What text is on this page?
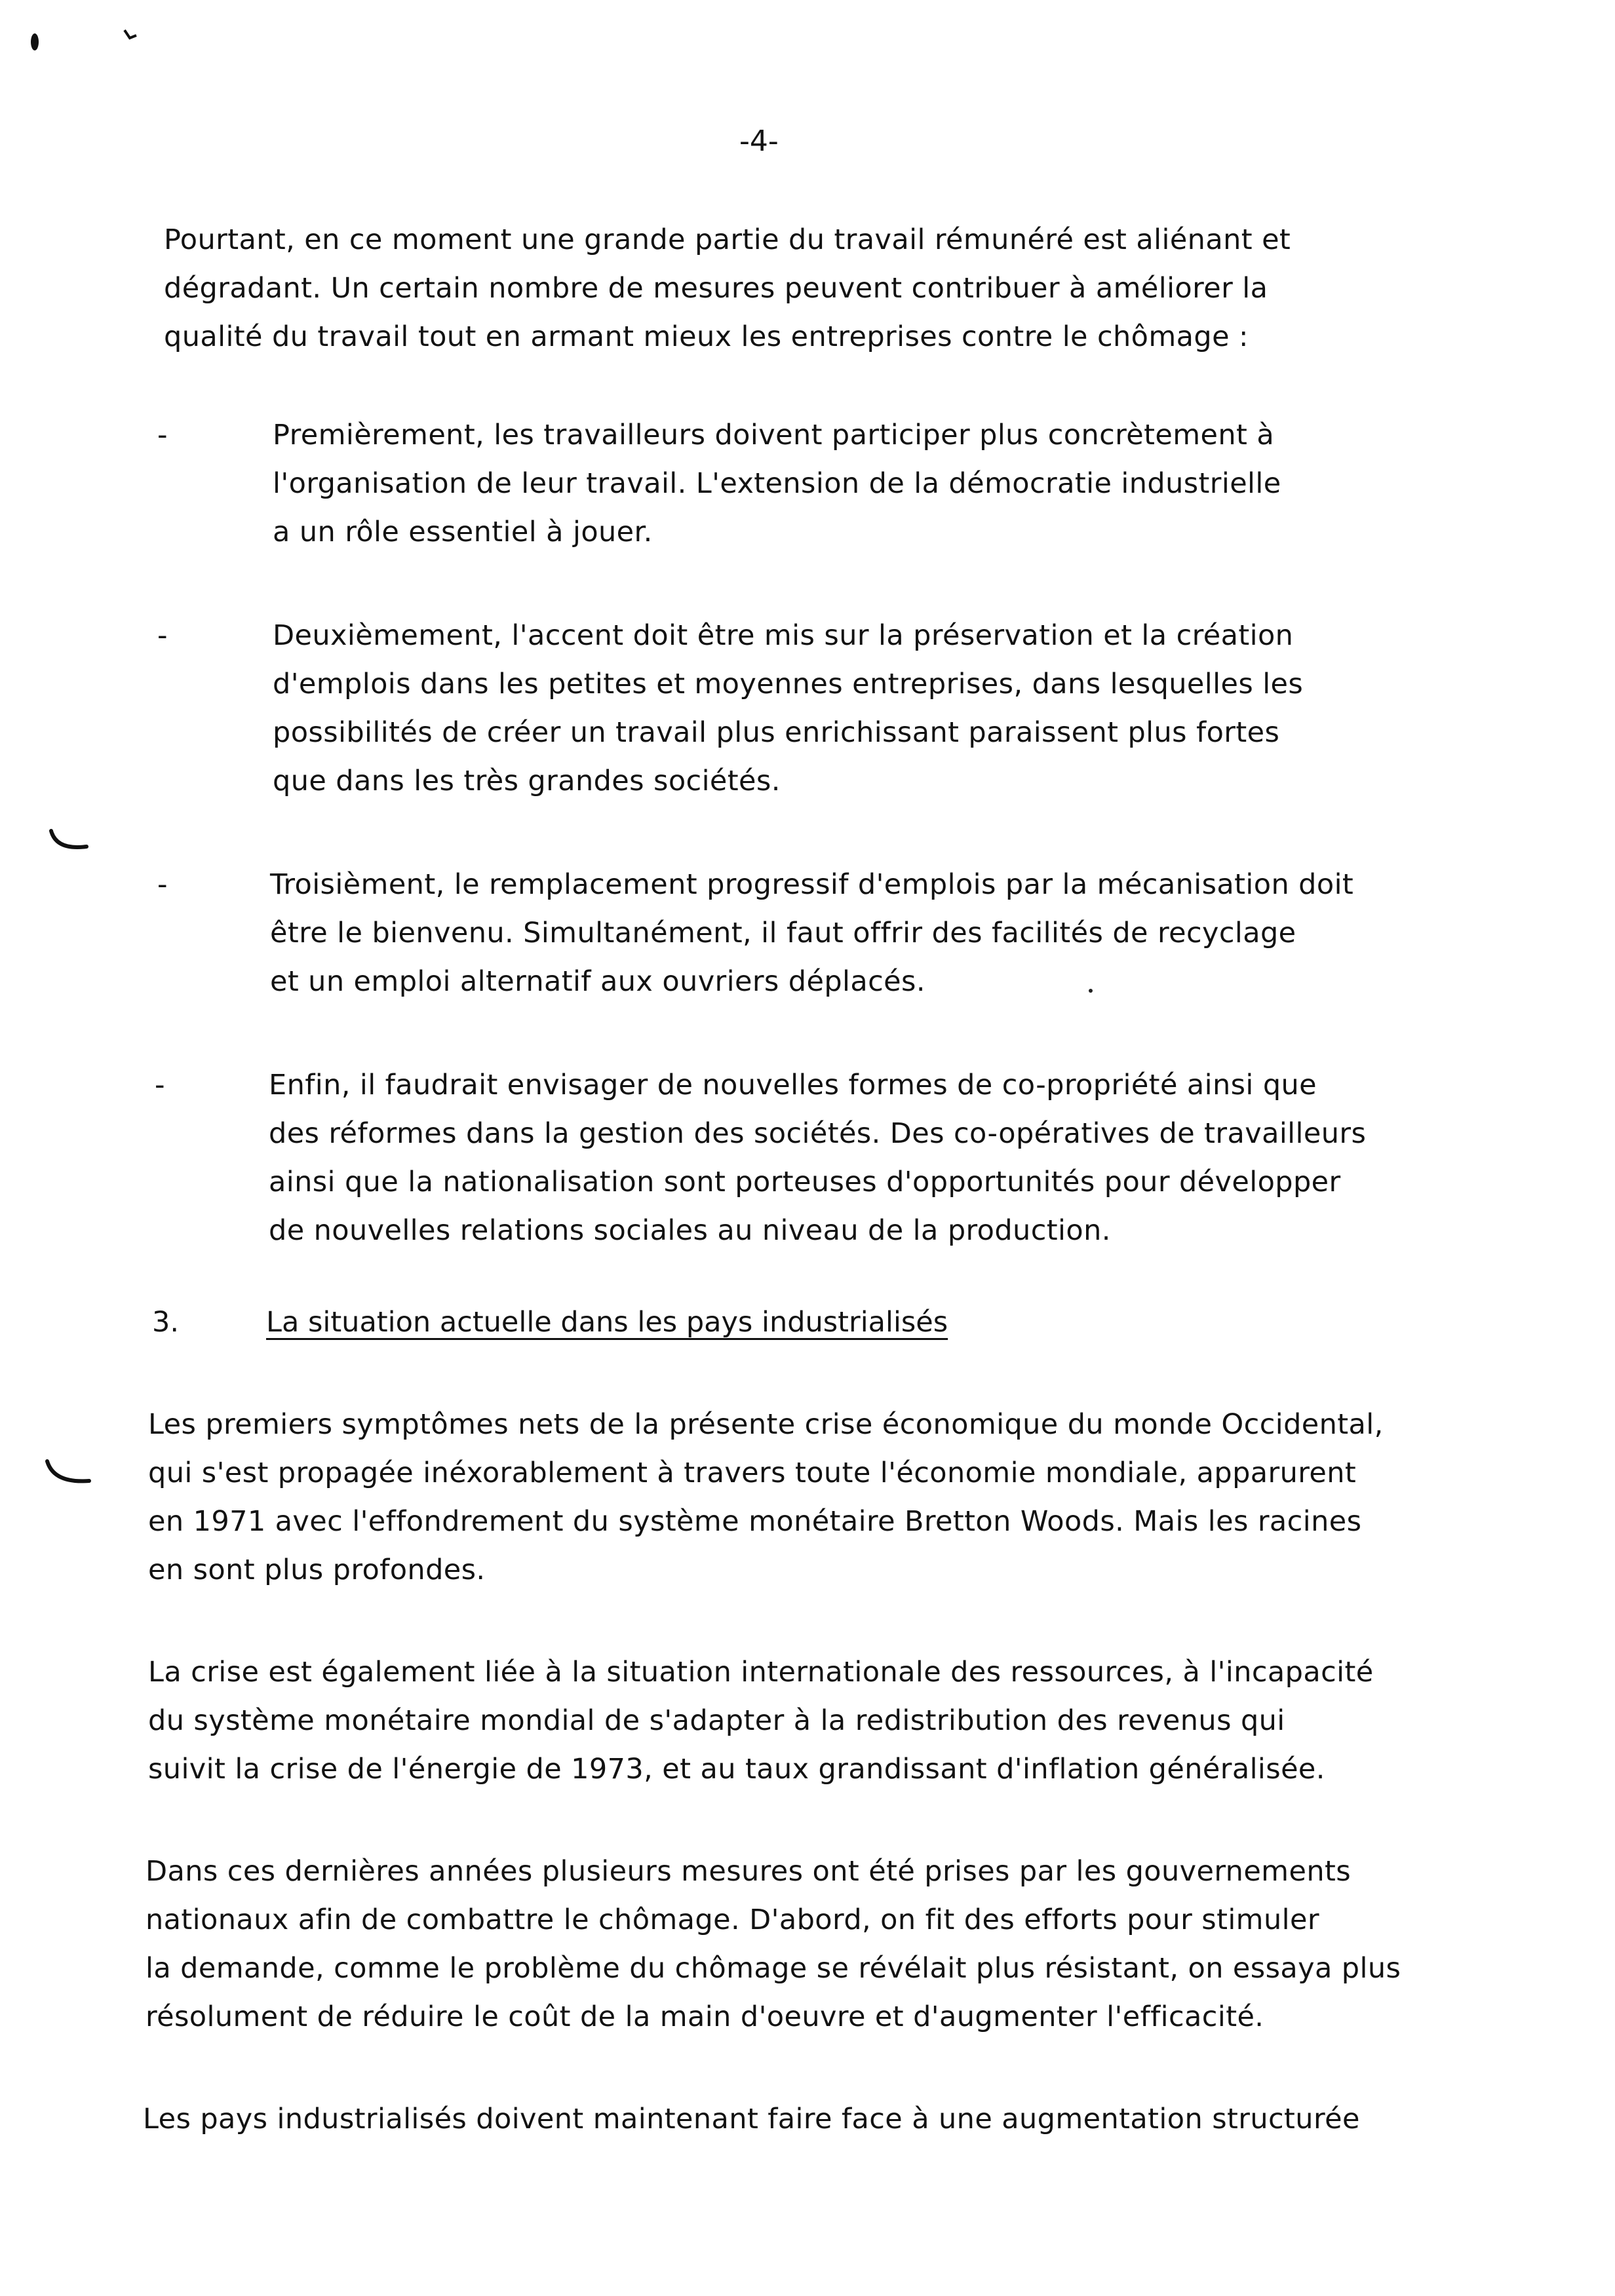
-4-
Pourtant, en ce moment une grande partie du travail rémunéré est aliénant et
dégradant. Un certain nombre de mesures peuvent contribuer à améliorer la
qualité du travail tout en armant mieux les entreprises contre le chômage :
-	Premièrement, les travailleurs doivent participer plus concrètement à
l'organisation de leur travail. L'extension de la démocratie industrielle
a un rôle essentiel à jouer.
-	Deuxièmement, l'accent doit être mis sur la préservation et la création
d'emplois dans les petites et moyennes entreprises, dans lesquelles les
possibilités de créer un travail plus enrichissant paraissent plus fortes
que dans les très grandes sociétés.
-	Troisièment, le remplacement progressif d'emplois par la mécanisation doit
être le bienvenu. Simultanément, il faut offrir des facilités de recyclage
et un emploi alternatif aux ouvriers déplacés.
-	Enfin, il faudrait envisager de nouvelles formes de co-propriété ainsi que
des réformes dans la gestion des sociétés. Des co-opératives de travailleurs
ainsi que la nationalisation sont porteuses d'opportunités pour développer
de nouvelles relations sociales au niveau de la production.
3.	La situation actuelle dans les pays industrialisés
Les premiers symptômes nets de la présente crise économique du monde Occidental,
qui s'est propagée inéxorablement à travers toute l'économie mondiale, apparurent
en 1971 avec l'effondrement du système monétaire Bretton Woods. Mais les racines
en sont plus profondes.
La crise est également liée à la situation internationale des ressources, à l'incapacité
du système monétaire mondial de s'adapter à la redistribution des revenus qui
suivit la crise de l'énergie de 1973, et au taux grandissant d'inflation généralisée.
Dans ces dernières années plusieurs mesures ont été prises par les gouvernements
nationaux afin de combattre le chômage. D'abord, on fit des efforts pour stimuler
la demande, comme le problème du chômage se révélait plus résistant, on essaya plus
résolument de réduire le coût de la main d'oeuvre et d'augmenter l'efficacité.
Les pays industrialisés doivent maintenant faire face à une augmentation structurée
